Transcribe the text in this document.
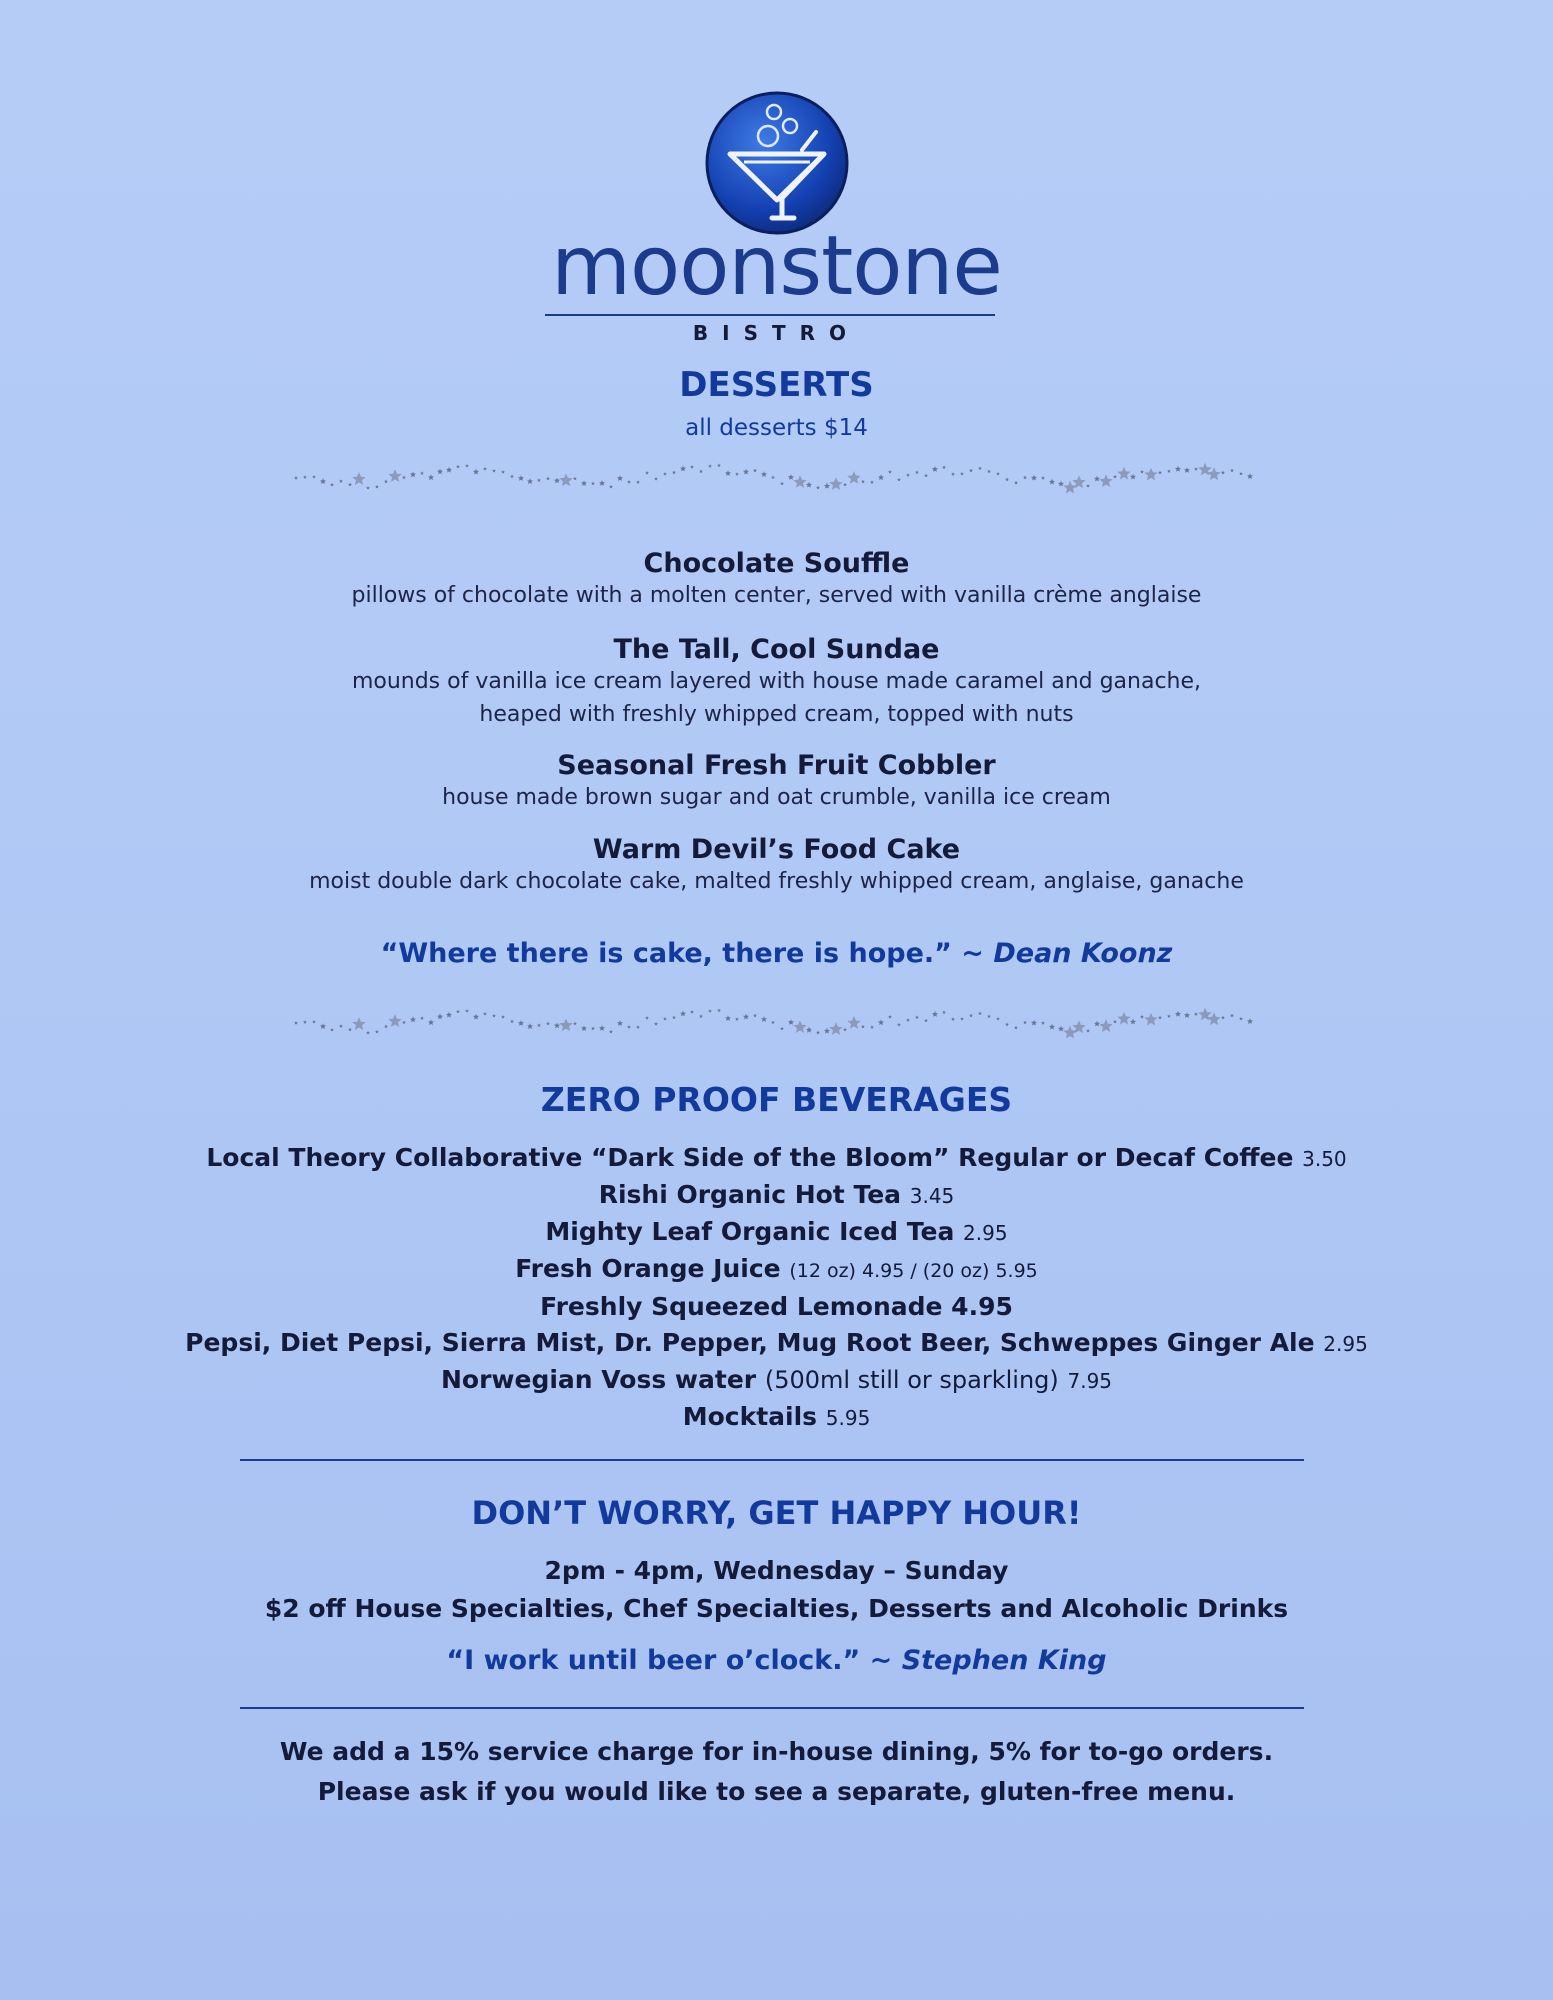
moonstone
BISTRO
DESSERTS
all desserts $14
Chocolate Souffle
pillows of chocolate with a molten center, served with vanilla crème anglaise
The Tall, Cool Sundae
mounds of vanilla ice cream layered with house made caramel and ganache,
heaped with freshly whipped cream, topped with nuts
Seasonal Fresh Fruit Cobbler
house made brown sugar and oat crumble, vanilla ice cream
Warm Devil’s Food Cake
moist double dark chocolate cake, malted freshly whipped cream, anglaise, ganache
“Where there is cake, there is hope.” ~ Dean Koonz
ZERO PROOF BEVERAGES
Local Theory Collaborative “Dark Side of the Bloom” Regular or Decaf Coffee 3.50
Rishi Organic Hot Tea 3.45
Mighty Leaf Organic Iced Tea 2.95
Fresh Orange Juice (12 oz) 4.95 / (20 oz) 5.95
Freshly Squeezed Lemonade 4.95
Pepsi, Diet Pepsi, Sierra Mist, Dr. Pepper, Mug Root Beer, Schweppes Ginger Ale 2.95
Norwegian Voss water (500ml still or sparkling) 7.95
Mocktails 5.95
DON’T WORRY, GET HAPPY HOUR!
2pm - 4pm, Wednesday – Sunday
$2 off House Specialties, Chef Specialties, Desserts and Alcoholic Drinks
“I work until beer o’clock.” ~ Stephen King
We add a 15% service charge for in-house dining, 5% for to-go orders.
Please ask if you would like to see a separate, gluten-free menu.
